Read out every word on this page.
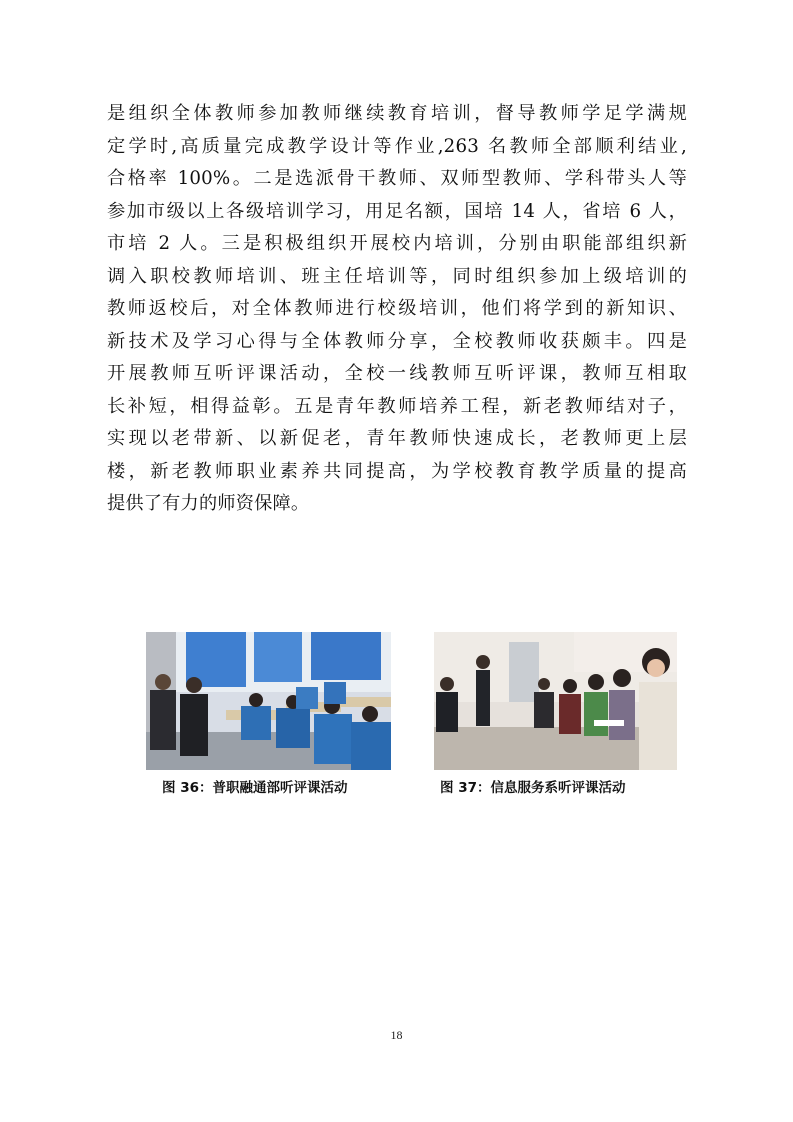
是组织全体教师参加教师继续教育培训，督导教师学足学满规
定学时,高质量完成教学设计等作业,263 名教师全部顺利结业,
合格率 100%。二是选派骨干教师、双师型教师、学科带头人等
参加市级以上各级培训学习，用足名额，国培 14 人，省培 6 人，
市培 2 人。三是积极组织开展校内培训，分别由职能部组织新
调入职校教师培训、班主任培训等，同时组织参加上级培训的
教师返校后，对全体教师进行校级培训，他们将学到的新知识、
新技术及学习心得与全体教师分享，全校教师收获颇丰。四是
开展教师互听评课活动，全校一线教师互听评课，教师互相取
长补短，相得益彰。五是青年教师培养工程，新老教师结对子，
实现以老带新、以新促老，青年教师快速成长，老教师更上层
楼，新老教师职业素养共同提高，为学校教育教学质量的提高
提供了有力的师资保障。
图 36：普职融通部听评课活动	图 37：信息服务系听评课活动
18
